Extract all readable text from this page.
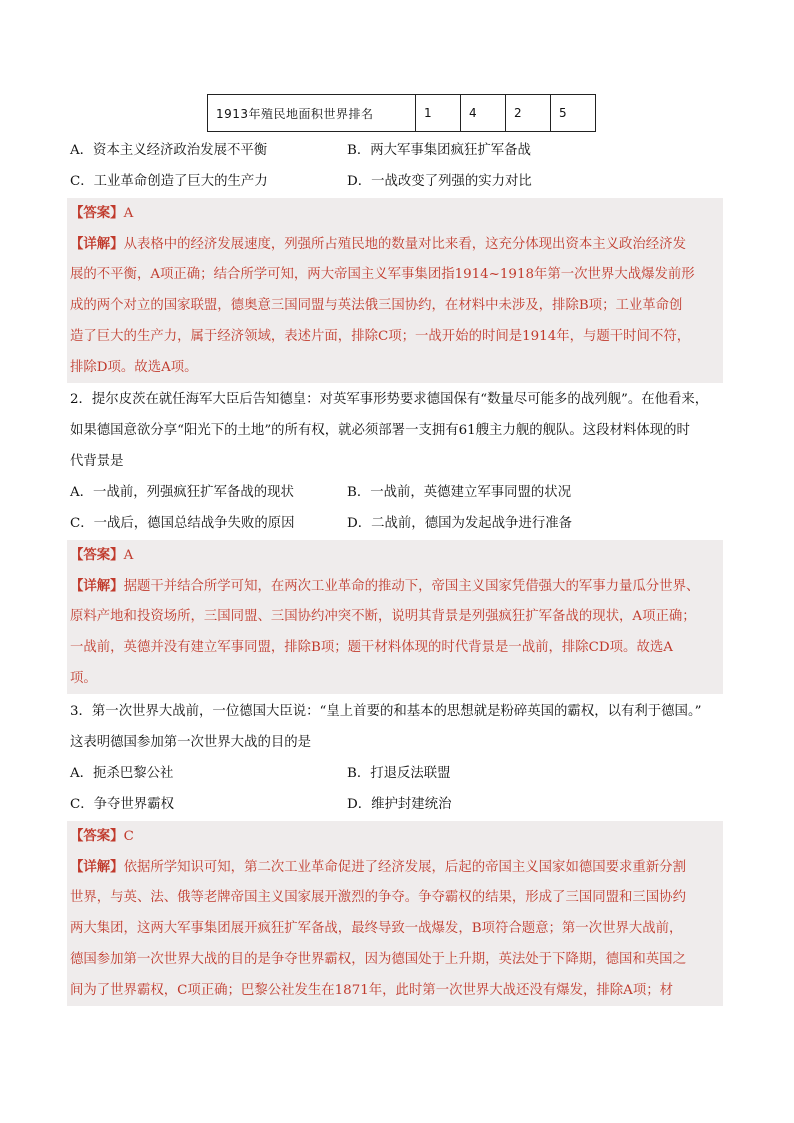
1913年殖民地面积世界排名	1	4	2	5
A．资本主义经济政治发展不平衡	B．两大军事集团疯狂扩军备战
C．工业革命创造了巨大的生产力	D．一战改变了列强的实力对比
【答案】A
【详解】从表格中的经济发展速度，列强所占殖民地的数量对比来看，这充分体现出资本主义政治经济发
展的不平衡，A项正确；结合所学可知，两大帝国主义军事集团指1914~1918年第一次世界大战爆发前形
成的两个对立的国家联盟，德奥意三国同盟与英法俄三国协约，在材料中未涉及，排除B项；工业革命创
造了巨大的生产力，属于经济领域，表述片面，排除C项；一战开始的时间是1914年，与题干时间不符，
排除D项。故选A项。
2．提尔皮茨在就任海军大臣后告知德皇：对英军事形势要求德国保有“数量尽可能多的战列舰”。在他看来，
如果德国意欲分享“阳光下的土地”的所有权，就必须部署一支拥有61艘主力舰的舰队。这段材料体现的时
代背景是
A．一战前，列强疯狂扩军备战的现状	B．一战前，英德建立军事同盟的状况
C．一战后，德国总结战争失败的原因	D．二战前，德国为发起战争进行准备
【答案】A
【详解】据题干并结合所学可知，在两次工业革命的推动下，帝国主义国家凭借强大的军事力量瓜分世界、
原料产地和投资场所，三国同盟、三国协约冲突不断，说明其背景是列强疯狂扩军备战的现状，A项正确；
一战前，英德并没有建立军事同盟，排除B项；题干材料体现的时代背景是一战前，排除CD项。故选A
项。
3．第一次世界大战前，一位德国大臣说：“皇上首要的和基本的思想就是粉碎英国的霸权，以有利于德国。”
这表明德国参加第一次世界大战的目的是
A．扼杀巴黎公社	B．打退反法联盟
C．争夺世界霸权	D．维护封建统治
【答案】C
【详解】依据所学知识可知，第二次工业革命促进了经济发展，后起的帝国主义国家如德国要求重新分割
世界，与英、法、俄等老牌帝国主义国家展开激烈的争夺。争夺霸权的结果，形成了三国同盟和三国协约
两大集团，这两大军事集团展开疯狂扩军备战，最终导致一战爆发，B项符合题意；第一次世界大战前，
德国参加第一次世界大战的目的是争夺世界霸权，因为德国处于上升期，英法处于下降期，德国和英国之
间为了世界霸权，C项正确；巴黎公社发生在1871年，此时第一次世界大战还没有爆发，排除A项；材
